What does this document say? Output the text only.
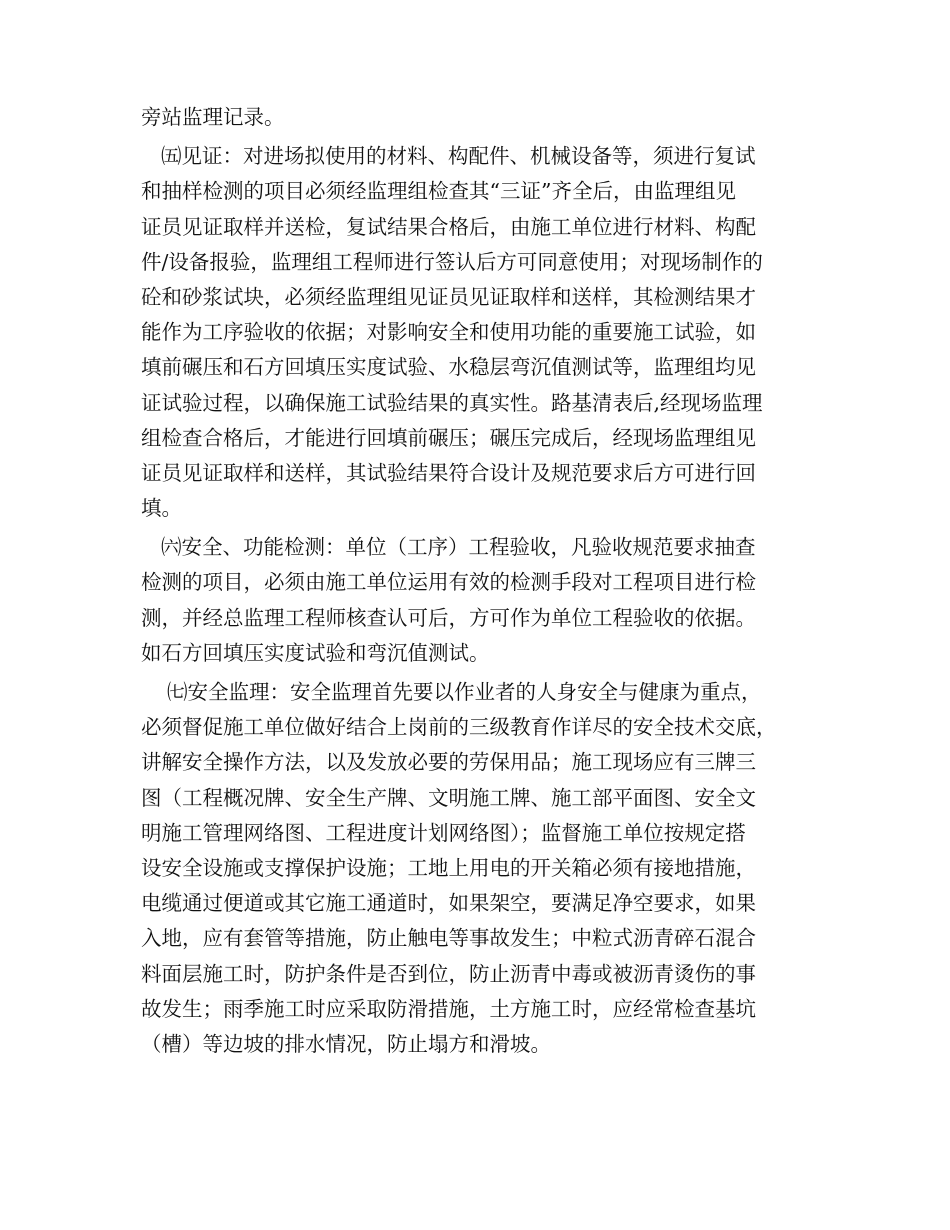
旁站监理记录。
㈤见证：对进场拟使用的材料、构配件、机械设备等，须进行复试
和抽样检测的项目必须经监理组检查其“三证”齐全后，由监理组见
证员见证取样并送检，复试结果合格后，由施工单位进行材料、构配
件/设备报验，监理组工程师进行签认后方可同意使用；对现场制作的
砼和砂浆试块，必须经监理组见证员见证取样和送样，其检测结果才
能作为工序验收的依据；对影响安全和使用功能的重要施工试验，如
填前碾压和石方回填压实度试验、水稳层弯沉值测试等，监理组均见
证试验过程，以确保施工试验结果的真实性。路基清表后,经现场监理
组检查合格后，才能进行回填前碾压；碾压完成后，经现场监理组见
证员见证取样和送样，其试验结果符合设计及规范要求后方可进行回
填。
㈥安全、功能检测：单位（工序）工程验收，凡验收规范要求抽查
检测的项目，必须由施工单位运用有效的检测手段对工程项目进行检
测，并经总监理工程师核查认可后，方可作为单位工程验收的依据。
如石方回填压实度试验和弯沉值测试。
㈦安全监理：安全监理首先要以作业者的人身安全与健康为重点，
必须督促施工单位做好结合上岗前的三级教育作详尽的安全技术交底，
讲解安全操作方法，以及发放必要的劳保用品；施工现场应有三牌三
图（工程概况牌、安全生产牌、文明施工牌、施工部平面图、安全文
明施工管理网络图、工程进度计划网络图）；监督施工单位按规定搭
设安全设施或支撑保护设施；工地上用电的开关箱必须有接地措施，
电缆通过便道或其它施工通道时，如果架空，要满足净空要求，如果
入地，应有套管等措施，防止触电等事故发生；中粒式沥青碎石混合
料面层施工时，防护条件是否到位，防止沥青中毒或被沥青烫伤的事
故发生；雨季施工时应采取防滑措施，土方施工时，应经常检查基坑
（槽）等边坡的排水情况，防止塌方和滑坡。
